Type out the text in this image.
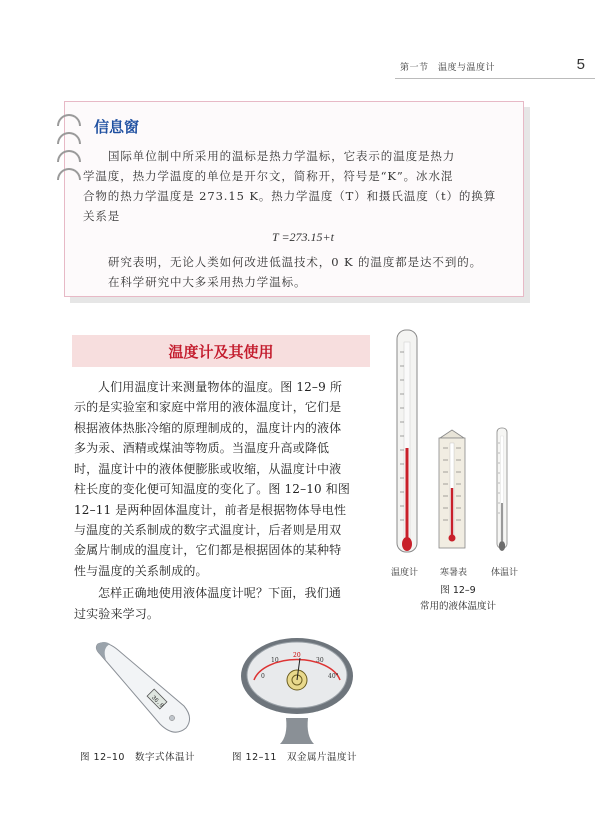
第一节　温度与温度计	5
信息窗
国际单位制中所采用的温标是热力学温标，它表示的温度是热力
学温度，热力学温度的单位是开尔文，简称开，符号是“K”。冰水混
合物的热力学温度是 273.15 K。热力学温度（T）和摄氏温度（t）的换算
关系是
T =273.15+t
研究表明，无论人类如何改进低温技术，0 K 的温度都是达不到的。
在科学研究中大多采用热力学温标。
温度计及其使用
人们用温度计来测量物体的温度。图 12–9 所
示的是实验室和家庭中常用的液体温度计，它们是
根据液体热胀冷缩的原理制成的，温度计内的液体
多为汞、酒精或煤油等物质。当温度升高或降低
时，温度计中的液体便膨胀或收缩，从温度计中液
柱长度的变化便可知温度的变化了。图 12–10 和图
12–11 是两种固体温度计，前者是根据物体导电性
与温度的关系制成的数字式温度计，后者则是用双
金属片制成的温度计，它们都是根据固体的某种特
性与温度的关系制成的。
怎样正确地使用液体温度计呢？下面，我们通
过实验来学习。
温度计 寒暑表	体温计
图 12–9
常用的液体温度计
36.8
0
10
20
30
40°
图 12–10　数字式体温计	图 12–11　双金属片温度计
